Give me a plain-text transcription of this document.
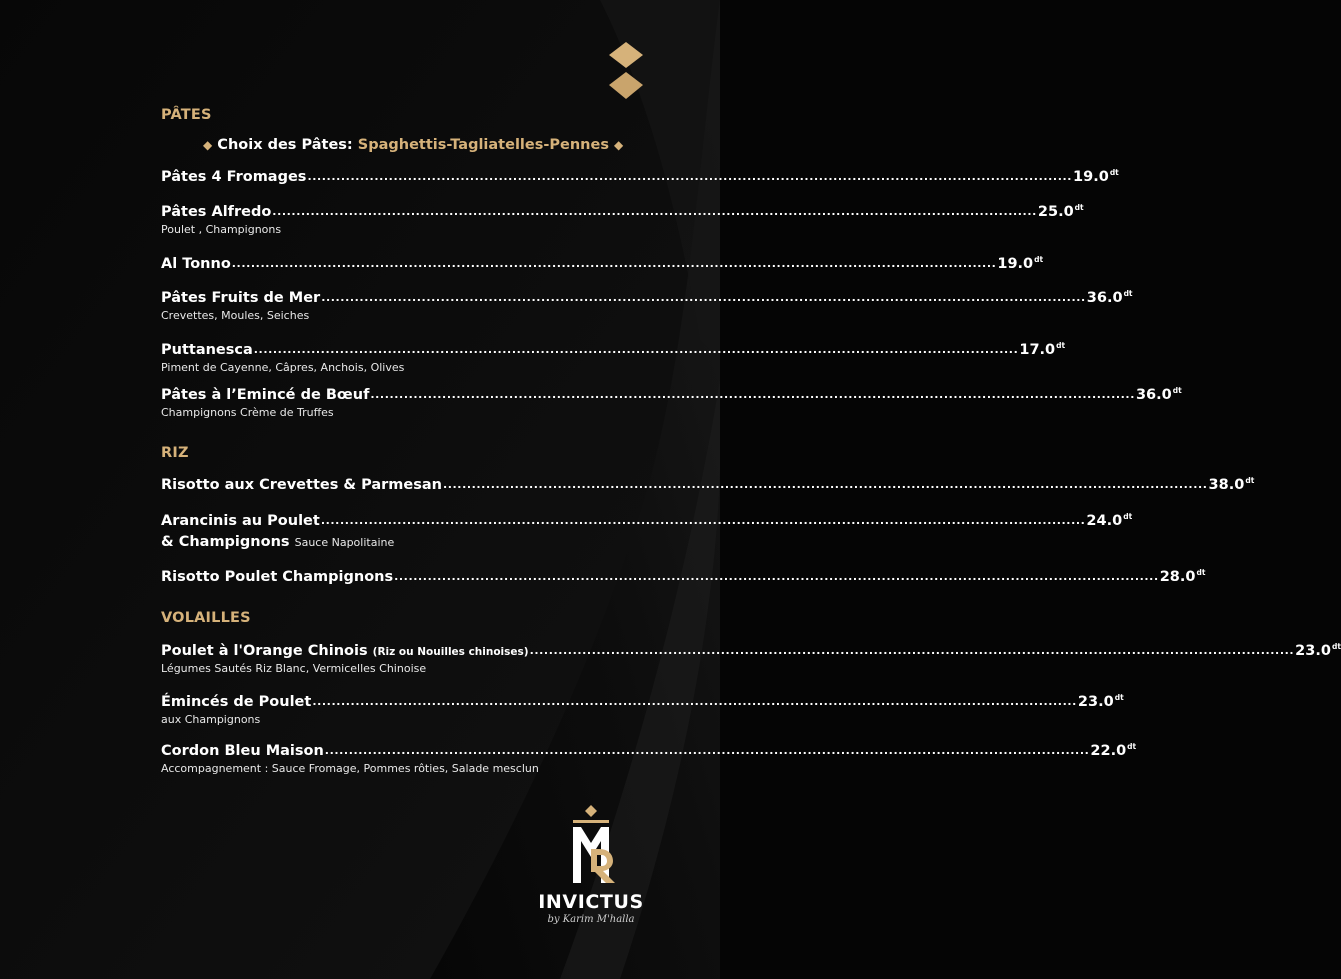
PÂTES
◆ Choix des Pâtes: Spaghettis-Tagliatelles-Pennes ◆
Pâtes 4 Fromages ................................................................................................................................................................ $19.0^{dt}$
Pâtes Alfredo ................................................................................................................................................................ $25.0^{dt}$
Poulet , Champignons
Al Tonno ................................................................................................................................................................ $19.0^{dt}$
Pâtes Fruits de Mer ................................................................................................................................................................ $36.0^{dt}$
Crevettes, Moules, Seiches
Puttanesca ................................................................................................................................................................ $17.0^{dt}$
Piment de Cayenne, Câpres, Anchois, Olives
Pâtes à l’Emincé de Bœuf ................................................................................................................................................................ $36.0^{dt}$
Champignons Crème de Truffes
RIZ
Risotto aux Crevettes & Parmesan ................................................................................................................................................................ $38.0^{dt}$
Arancinis au Poulet ................................................................................................................................................................ $24.0^{dt}$
& Champignons Sauce Napolitaine
Risotto Poulet Champignons ................................................................................................................................................................ $28.0^{dt}$
VOLAILLES
Poulet à l'Orange Chinois (Riz ou Nouilles chinoises) ................................................................................................................................................................ $23.0^{dt}$
Légumes Sautés Riz Blanc, Vermicelles Chinoise
Émincés de Poulet ................................................................................................................................................................ $23.0^{dt}$
aux Champignons
Cordon Bleu Maison ................................................................................................................................................................ $22.0^{dt}$
Accompagnement : Sauce Fromage, Pommes rôties, Salade mesclun
INVICTUS
by Karim M'halla
